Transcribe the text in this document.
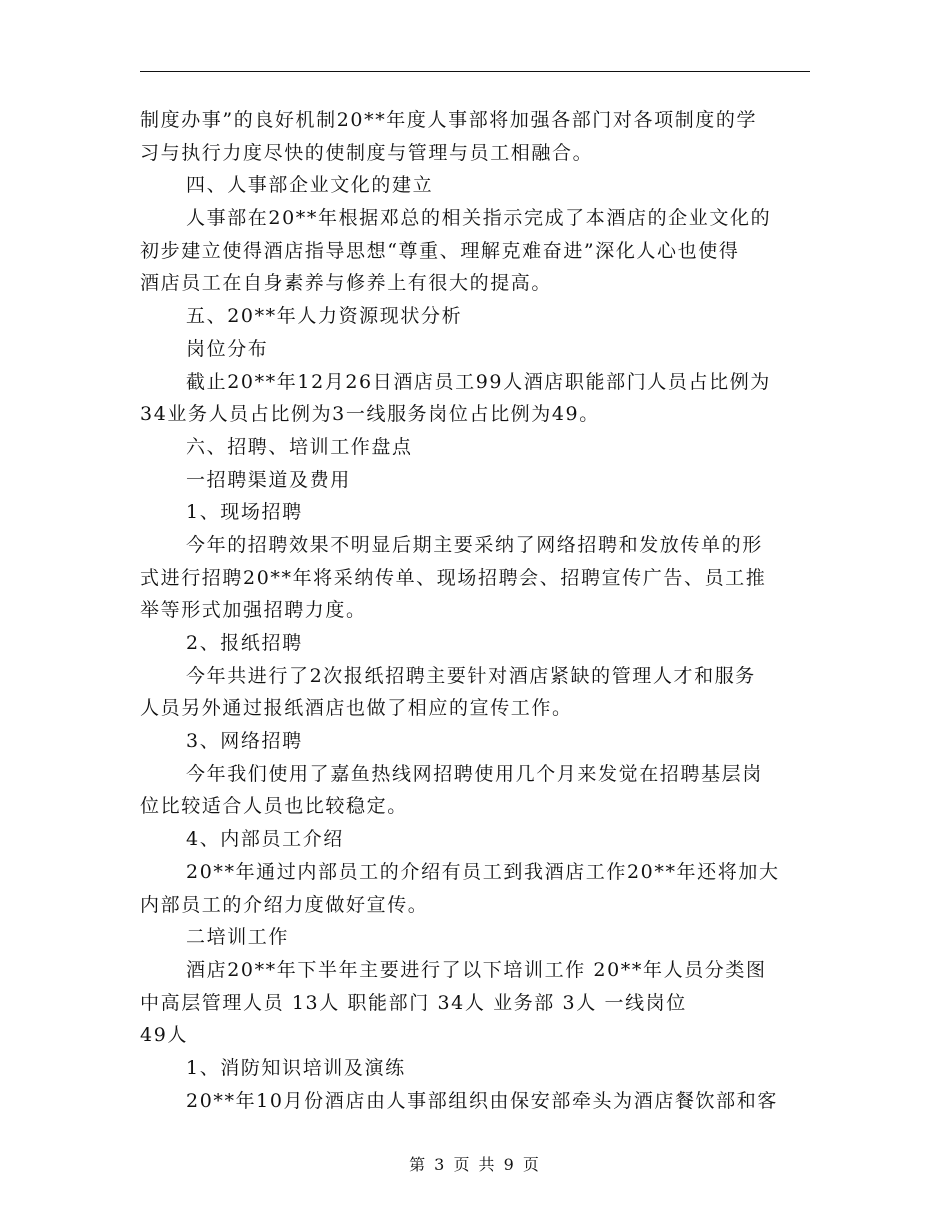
制度办事”的良好机制20**年度人事部将加强各部门对各项制度的学
习与执行力度尽快的使制度与管理与员工相融合。
四、人事部企业文化的建立
人事部在20**年根据邓总的相关指示完成了本酒店的企业文化的
初步建立使得酒店指导思想“尊重、理解克难奋进”深化人心也使得
酒店员工在自身素养与修养上有很大的提高。
五、20**年人力资源现状分析
岗位分布
截止20**年12月26日酒店员工99人酒店职能部门人员占比例为
34业务人员占比例为3一线服务岗位占比例为49。
六、招聘、培训工作盘点
一招聘渠道及费用
1、现场招聘
今年的招聘效果不明显后期主要采纳了网络招聘和发放传单的形
式进行招聘20**年将采纳传单、现场招聘会、招聘宣传广告、员工推
举等形式加强招聘力度。
2、报纸招聘
今年共进行了2次报纸招聘主要针对酒店紧缺的管理人才和服务
人员另外通过报纸酒店也做了相应的宣传工作。
3、网络招聘
今年我们使用了嘉鱼热线网招聘使用几个月来发觉在招聘基层岗
位比较适合人员也比较稳定。
4、内部员工介绍
20**年通过内部员工的介绍有员工到我酒店工作20**年还将加大
内部员工的介绍力度做好宣传。
二培训工作
酒店20**年下半年主要进行了以下培训工作 20**年人员分类图
中高层管理人员 13人 职能部门 34人 业务部 3人 一线岗位
49人
1、消防知识培训及演练
20**年10月份酒店由人事部组织由保安部牵头为酒店餐饮部和客
第 3 页 共 9 页
